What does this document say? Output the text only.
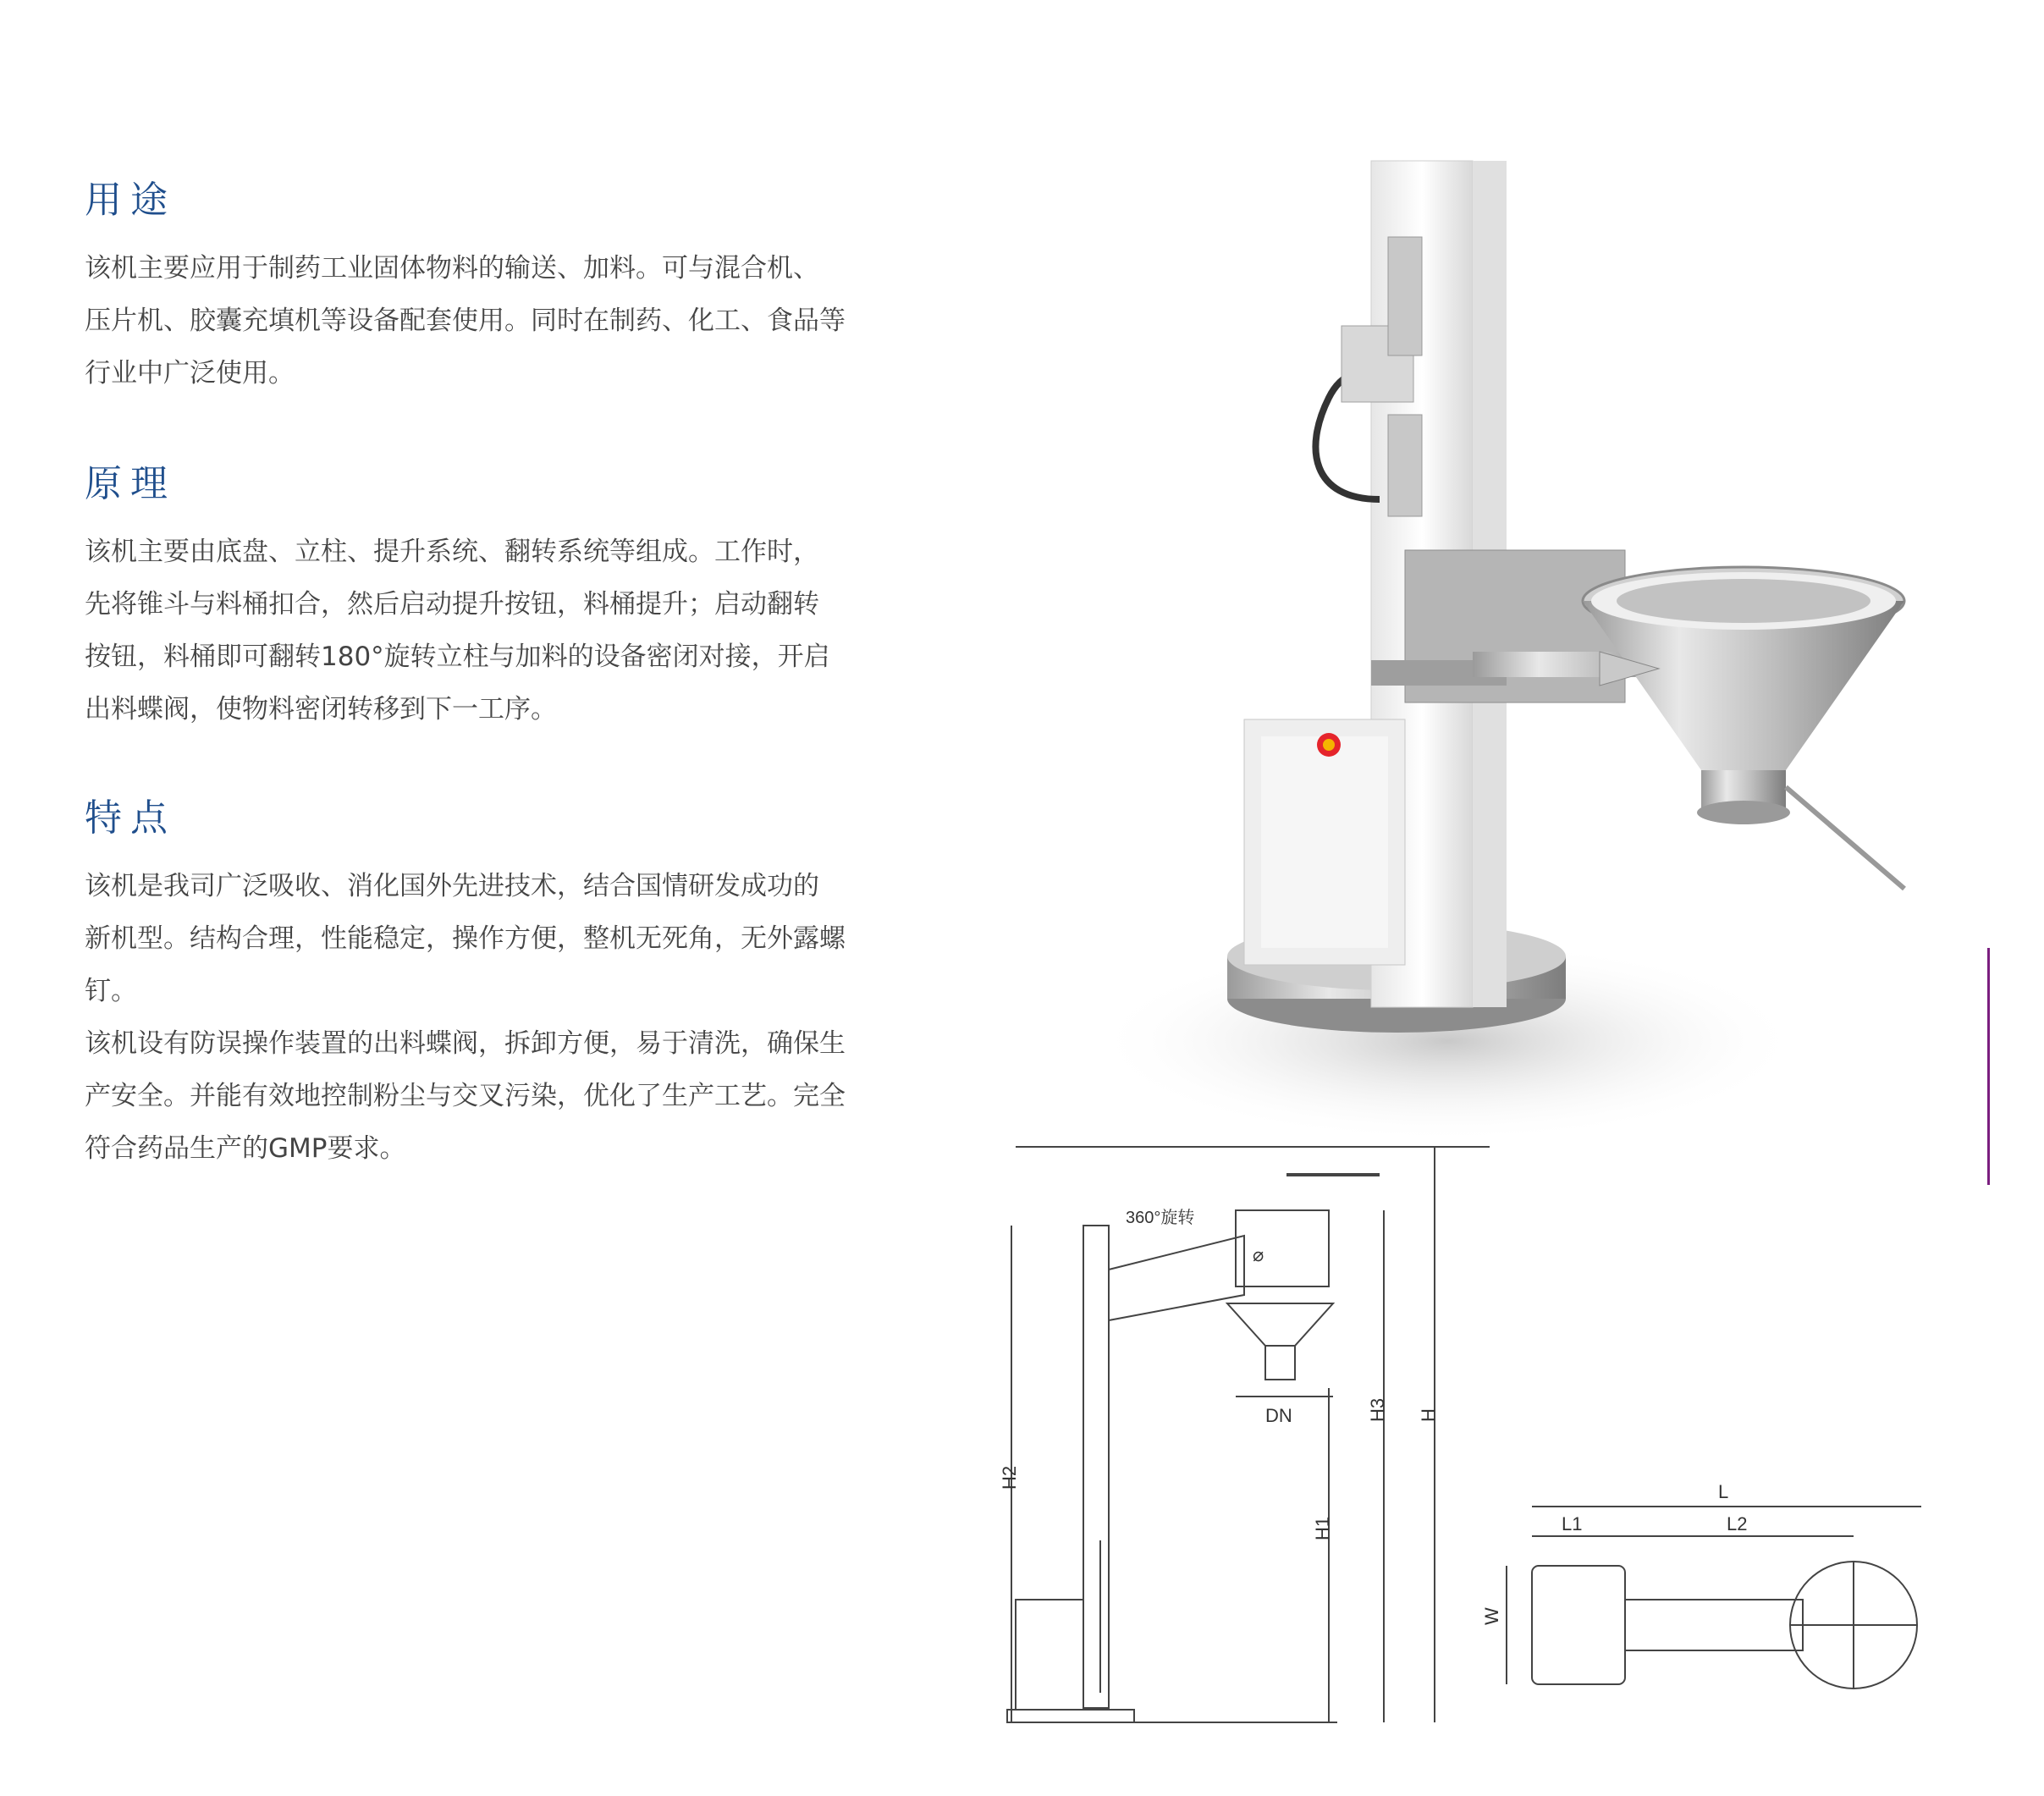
用途

该机主要应用于制药工业固体物料的输送、加料。可与混合机、

压片机、胶囊充填机等设备配套使用。同时在制药、化工、食品等

行业中广泛使用。

原理

该机主要由底盘、立柱、提升系统、翻转系统等组成。工作时，

先将锥斗与料桶扣合，然后启动提升按钮，料桶提升；启动翻转

按钮，料桶即可翻转180°旋转立柱与加料的设备密闭对接，开启

出料蝶阀，使物料密闭转移到下一工序。

特点

该机是我司广泛吸收、消化国外先进技术，结合国情研发成功的

新机型。结构合理，性能稳定，操作方便，整机无死角，无外露螺钉。

该机设有防误操作装置的出料蝶阀，拆卸方便，易于清洗，确保生

产安全。并能有效地控制粉尘与交叉污染，优化了生产工艺。完全

符合药品生产的GMP要求。

⌀
360°旋转
DN
L
L1	L2
W
H2
H1
H3 H
